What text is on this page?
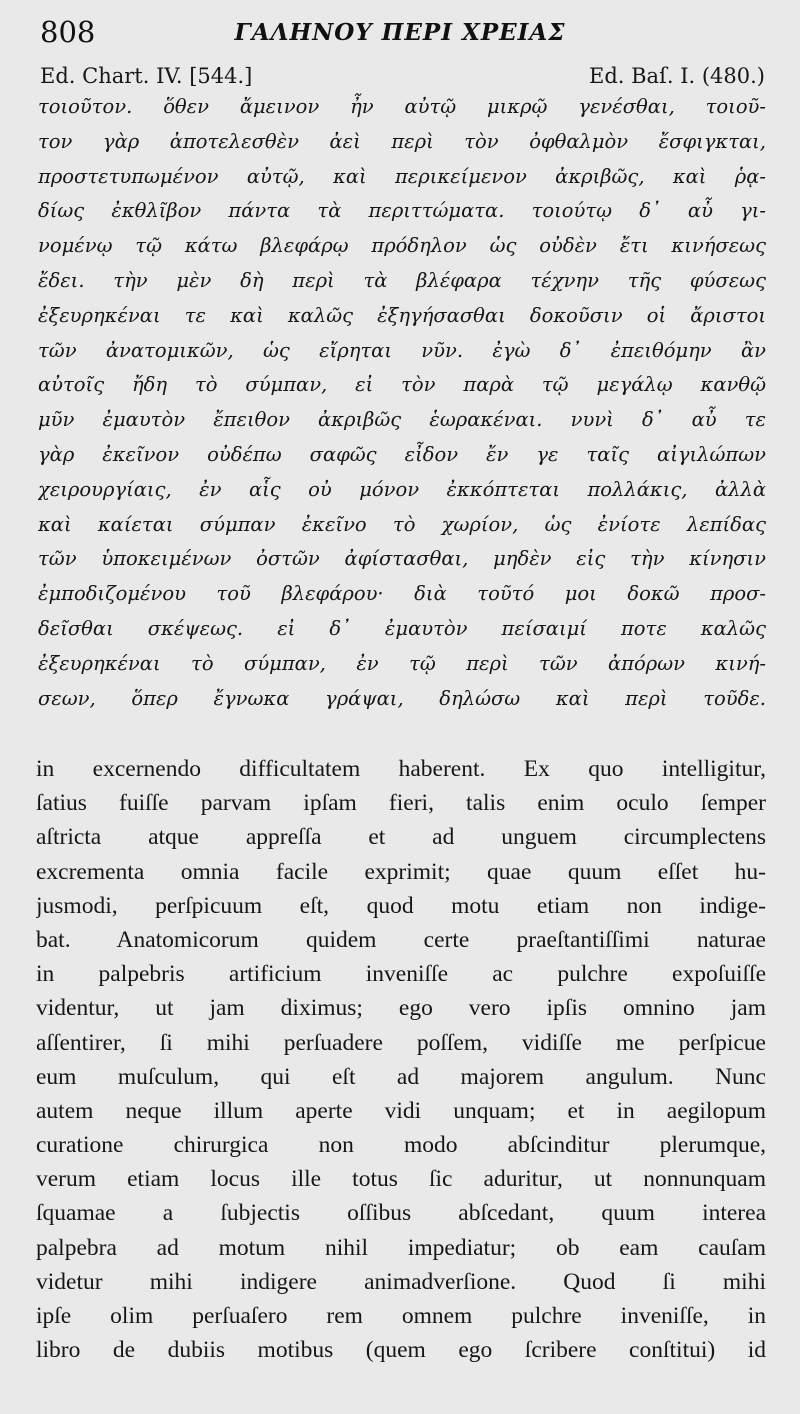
808	ΓΑΛΗΝΟΥ ΠΕΡΙ ΧΡΕΙΑΣ
Ed. Chart. IV. [544.]	Ed. Baſ. I. (480.)
τοιοῦτον. ὅθεν ἄμεινον ἦν αὐτῷ μικρῷ γενέσθαι, τοιοῦ-
τον γὰρ ἀποτελεσθὲν ἀεὶ περὶ τὸν ὀφθαλμὸν ἔσφιγκται,
προστετυπωμένον αὐτῷ, καὶ περικείμενον ἀκριβῶς, καὶ ῥᾳ-
δίως ἐκθλῖβον πάντα τὰ περιττώματα. τοιούτῳ δ᾽ αὖ γι-
νομένῳ τῷ κάτω βλεφάρῳ πρόδηλον ὡς οὐδὲν ἔτι κινήσεως
ἔδει. τὴν μὲν δὴ περὶ τὰ βλέφαρα τέχνην τῆς φύσεως
ἐξευρηκέναι τε καὶ καλῶς ἐξηγήσασθαι δοκοῦσιν οἱ ἄριστοι
τῶν ἀνατομικῶν, ὡς εἴρηται νῦν. ἐγὼ δ᾽ ἐπειθόμην ἂν
αὐτοῖς ἤδη τὸ σύμπαν, εἰ τὸν παρὰ τῷ μεγάλῳ κανθῷ
μῦν ἐμαυτὸν ἔπειθον ἀκριβῶς ἑωρακέναι. νυνὶ δ᾽ αὖ τε
γὰρ ἐκεῖνον οὐδέπω σαφῶς εἶδον ἔν γε ταῖς αἰγιλώπων
χειρουργίαις, ἐν αἷς οὐ μόνον ἐκκόπτεται πολλάκις, ἀλλὰ
καὶ καίεται σύμπαν ἐκεῖνο τὸ χωρίον, ὡς ἐνίοτε λεπίδας
τῶν ὑποκειμένων ὀστῶν ἀφίστασθαι, μηδὲν εἰς τὴν κίνησιν
ἐμποδιζομένου τοῦ βλεφάρου· διὰ τοῦτό μοι δοκῶ προσ-
δεῖσθαι σκέψεως. εἰ δ᾽ ἐμαυτὸν πείσαιμί ποτε καλῶς
ἐξευρηκέναι τὸ σύμπαν, ἐν τῷ περὶ τῶν ἀπόρων κινή-
σεων, ὅπερ ἔγνωκα γράψαι, δηλώσω καὶ περὶ τοῦδε.
in excernendo difficultatem haberent. Ex quo intelligitur,
ſatius fuiſſe parvam ipſam fieri, talis enim oculo ſemper
aſtricta atque appreſſa et ad unguem circumplectens
excrementa omnia facile exprimit; quae quum eſſet hu-
jusmodi, perſpicuum eſt, quod motu etiam non indige-
bat. Anatomicorum quidem certe praeſtantiſſimi naturae
in palpebris artificium inveniſſe ac pulchre expoſuiſſe
videntur, ut jam diximus; ego vero ipſis omnino jam
aſſentirer, ſi mihi perſuadere poſſem, vidiſſe me perſpicue
eum muſculum, qui eſt ad majorem angulum. Nunc
autem neque illum aperte vidi unquam; et in aegilopum
curatione chirurgica non modo abſcinditur plerumque,
verum etiam locus ille totus ſic aduritur, ut nonnunquam
ſquamae a ſubjectis oſſibus abſcedant, quum interea
palpebra ad motum nihil impediatur; ob eam cauſam
videtur mihi indigere animadverſione. Quod ſi mihi
ipſe olim perſuaſero rem omnem pulchre inveniſſe, in
libro de dubiis motibus (quem ego ſcribere conſtitui) id
